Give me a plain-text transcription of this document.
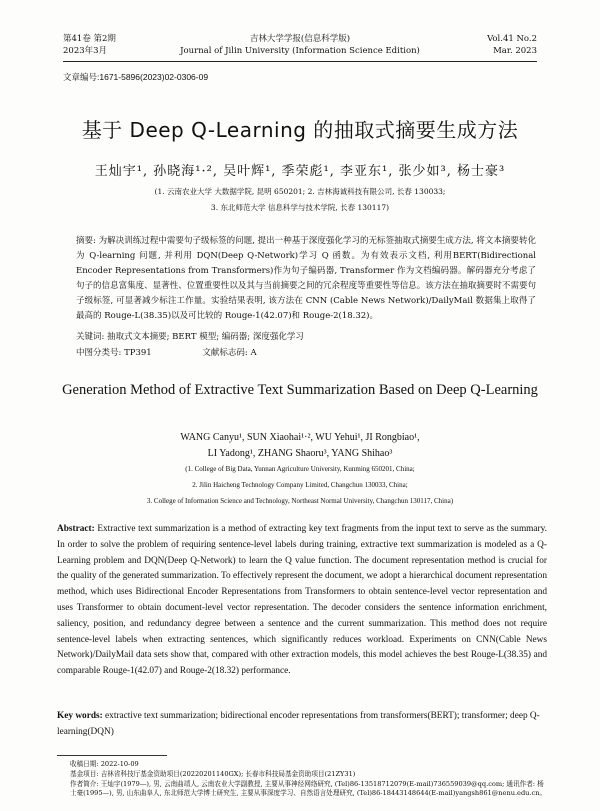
第41卷 第2期
2023年3月
吉林大学学报(信息科学版)
Journal of Jilin University (Information Science Edition)
Vol.41 No.2
Mar. 2023
文章编号:1671-5896(2023)02-0306-09
基于 Deep Q-Learning 的抽取式摘要生成方法
王灿宇¹, 孙晓海¹·², 吴叶辉¹, 季荣彪¹, 李亚东¹, 张少如³, 杨士豪³
(1. 云南农业大学 大数据学院, 昆明 650201; 2. 吉林海诚科技有限公司, 长春 130033;
3. 东北师范大学 信息科学与技术学院, 长春 130117)
摘要: 为解决训练过程中需要句子级标签的问题, 提出一种基于深度强化学习的无标签抽取式摘要生成方法, 将文本摘要转化为 Q-learning 问题, 并利用 DQN(Deep Q-Network)学习 Q 函数。为有效表示文档, 利用BERT(Bidirectional Encoder Representations from Transformers)作为句子编码器, Transformer 作为文档编码器。解码器充分考虑了句子的信息富集度、显著性、位置重要性以及其与当前摘要之间的冗余程度等重要性等信息。该方法在抽取摘要时不需要句子级标签, 可显著减少标注工作量。实验结果表明, 该方法在 CNN (Cable News Network)/DailyMail 数据集上取得了最高的 Rouge-L(38.35)以及可比较的 Rouge-1(42.07)和 Rouge-2(18.32)。
关键词: 抽取式文本摘要; BERT 模型; 编码器; 深度强化学习
中图分类号: TP391	文献标志码: A
Generation Method of Extractive Text Summarization Based on Deep Q-Learning
WANG Canyu¹, SUN Xiaohai¹·², WU Yehui¹, JI Rongbiao¹,
LI Yadong¹, ZHANG Shaoru³, YANG Shihao³
(1. College of Big Data, Yunnan Agriculture University, Kunming 650201, China;
2. Jilin Haicheng Technology Company Limited, Changchun 130033, China;
3. College of Information Science and Technology, Northeast Normal University, Changchun 130117, China)
Abstract: Extractive text summarization is a method of extracting key text fragments from the input text to serve as the summary. In order to solve the problem of requiring sentence-level labels during training, extractive text summarization is modeled as a Q-Learning problem and DQN(Deep Q-Network) to learn the Q value function. The document representation method is crucial for the quality of the generated summarization. To effectively represent the document, we adopt a hierarchical document representation method, which uses Bidirectional Encoder Representations from Transformers to obtain sentence-level vector representation and uses Transformer to obtain document-level vector representation. The decoder considers the sentence information enrichment, saliency, position, and redundancy degree between a sentence and the current summarization. This method does not require sentence-level labels when extracting sentences, which significantly reduces workload. Experiments on CNN(Cable News Network)/DailyMail data sets show that, compared with other extraction models, this model achieves the best Rouge-L(38.35) and comparable Rouge-1(42.07) and Rouge-2(18.32) performance.
Key words: extractive text summarization; bidirectional encoder representations from transformers(BERT); transformer; deep Q-learning(DQN)
收稿日期: 2022-10-09
基金项目: 吉林省科技厅基金资助项目(20220201140GX); 长春市科技局基金资助项目(21ZY31)
作者简介: 王灿宇(1979—), 男, 云南曲靖人, 云南农业大学副教授, 主要从事神经网络研究, (Tel)86-13518712079(E-mail)736559039@qq.com; 通讯作者: 杨士豪(1995—), 男, 山东曲阜人, 东北师范大学博士研究生, 主要从事深度学习、自然语言处理研究, (Tel)86-18443148644(E-mail)yangsh861@nenu.edu.cn。
